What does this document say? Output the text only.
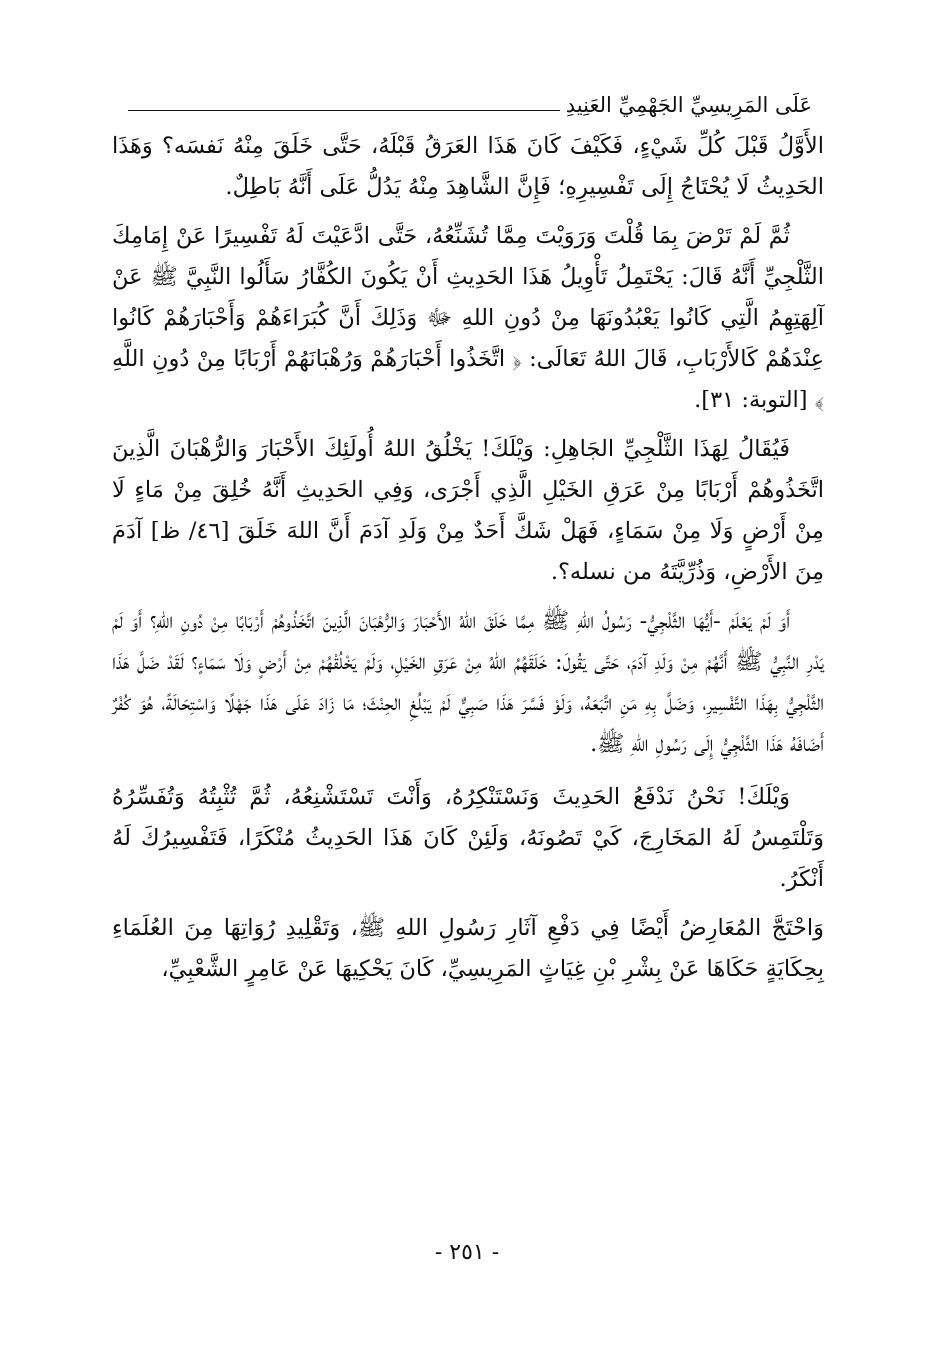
عَلَى المَرِيسِيِّ الجَهْمِيِّ العَنِيدِ

الأَوَّلُ قَبْلَ كُلِّ شَيْءٍ، فَكَيْفَ كَانَ هَذَا العَرَقُ قَبْلَهُ، حَتَّى خَلَقَ مِنْهُ نَفسَه؟ وَهَذَا الحَدِيثُ لَا يُحْتَاجُ إِلَى تَفْسِيرِهِ؛ فَإِنَّ الشَّاهِدَ مِنْهُ يَدُلُّ عَلَى أَنَّهُ بَاطِلٌ.

ثُمَّ لَمْ تَرْضَ بِمَا قُلْتَ وَرَوَيْتَ مِمَّا تُشَنِّعُهُ، حَتَّى ادَّعَيْتَ لَهُ تَفْسِيرًا عَنْ إِمَامِكَ الثَّلْجِيِّ أَنَّهُ قَالَ: يَحْتَمِلُ تَأْوِيلُ هَذَا الحَدِيثِ أَنْ يَكُونَ الكُفَّارُ سَأَلُوا النَّبِيَّ ﷺ عَنْ آلِهَتِهِمُ الَّتِي كَانُوا يَعْبُدُونَهَا مِنْ دُونِ اللهِ ﷻ وَذَلِكَ أَنَّ كُبَرَاءَهُمْ وَأَحْبَارَهُمْ كَانُوا عِنْدَهُمْ كَالأَرْبَابِ، قَالَ اللهُ تَعَالَى: ﴿ اتَّخَذُوا أَحْبَارَهُمْ وَرُهْبَانَهُمْ أَرْبَابًا مِنْ دُونِ اللَّهِ ﴾ [التوبة: ٣١].

فَيُقَالُ لِهَذَا الثَّلْجِيِّ الجَاهِلِ: وَيْلَكَ! يَخْلُقُ اللهُ أُولَئِكَ الأَحْبَارَ وَالرُّهْبَانَ الَّذِينَ اتَّخَذُوهُمْ أَرْبَابًا مِنْ عَرَقِ الخَيْلِ الَّذِي أَجْرَى، وَفِي الحَدِيثِ أَنَّهُ خُلِقَ مِنْ مَاءٍ لَا مِنْ أَرْضٍ وَلَا مِنْ سَمَاءٍ، فَهَلْ شَكَّ أَحَدٌ مِنْ وَلَدِ آدَمَ أَنَّ اللهَ خَلَقَ [٤٦/ ظ] آدَمَ مِنَ الأَرْضِ، وَذُرِّيَّتَهُ من نسله؟.

أَوَ لَمْ يَعْلَمْ -أَيُّهَا الثَّلْجِيُّ- رَسُولُ اللهِ ﷺ مِمَّا خَلَقَ اللهُ الأَحْبَارَ وَالرُّهْبَانَ الَّذِينَ اتَّخَذُوهُمْ أَرْبَابًا مِنْ دُونِ اللهِ؟ أَوَ لَمْ يَدْرِ النَّبِيُّ ﷺ أَنَّهُمْ مِنْ وَلَدِ آدَمَ، حَتَّى يَقُولَ: خَلَقَهُمُ اللهُ مِنْ عَرَقِ الخَيْلِ، وَلَمْ يَخْلُقْهُمْ مِنْ أَرْضٍ وَلَا سَمَاءٍ؟ لَقَدْ ضَلَّ هَذَا الثَّلْجِيُّ بِهَذَا التَّفْسِيرِ، وَضَلَّ بِهِ مَنِ اتَّبَعَهُ، وَلَوْ فَسَّرَ هَذَا صَبِيٌّ لَمْ يَبْلُغِ الحِنْثَ؛ مَا زَادَ عَلَى هَذَا جَهْلًا وَاسْتِحَالَةً، هُوَ كُفْرٌ أَضَافَهُ هَذَا الثَّلْجِيُّ إِلَى رَسُولِ اللهِ ﷺ.

وَيْلَكَ! نَحْنُ نَدْفَعُ الحَدِيثَ وَنَسْتَنْكِرُهُ، وَأَنْتَ تَسْتَشْنِعُهُ، ثُمَّ تُثْبِتُهُ وَتُفَسِّرُهُ وَتَلْتَمِسُ لَهُ المَخَارِجَ، كَيْ تَصُونَهُ، وَلَئِنْ كَانَ هَذَا الحَدِيثُ مُنْكَرًا، فَتَفْسِيرُكَ لَهُ أَنْكَرُ.

وَاحْتَجَّ المُعَارِضُ أَيْضًا فِي دَفْعِ آثَارِ رَسُولِ اللهِ ﷺ، وَتَقْلِيدِ رُوَاتِهَا مِنَ العُلَمَاءِ بِحِكَايَةٍ حَكَاهَا عَنْ بِشْرِ بْنِ غِيَاثٍ المَرِيسِيِّ، كَانَ يَحْكِيهَا عَنْ عَامِرٍ الشَّعْبِيِّ،

- ٢٥١ -
